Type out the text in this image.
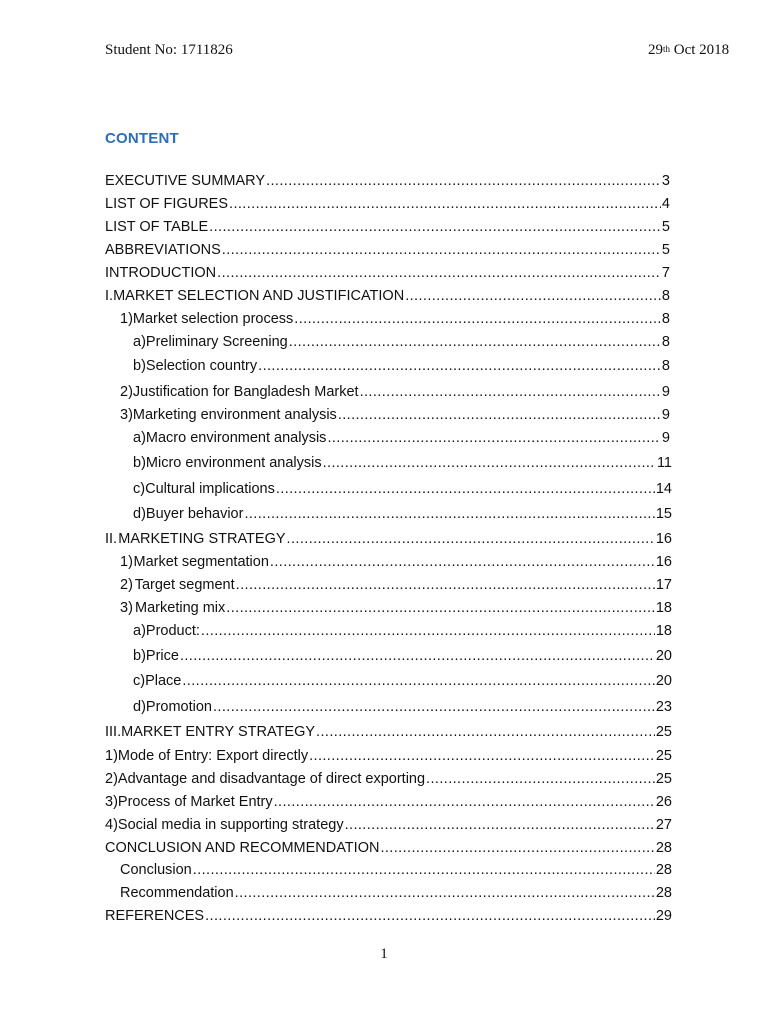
Student No: 1711826	29th Oct 2018
CONTENT
EXECUTIVE SUMMARY .....	3
LIST OF FIGURES .....	4
LIST OF TABLE .....	5
ABBREVIATIONS .....	5
INTRODUCTION .....	7
I. MARKET SELECTION AND JUSTIFICATION .....	8
1) Market selection process .....	8
a) Preliminary Screening .....	8
b) Selection country .....	8
2) Justification for Bangladesh Market .....	9
3) Marketing environment analysis .....	9
a) Macro environment analysis .....	9
b) Micro environment analysis .....	11
c) Cultural implications .....	14
d) Buyer behavior .....	15
II. MARKETING STRATEGY .....	16
1) Market segmentation .....	16
2) Target segment .....	17
3) Marketing mix .....	18
a) Product: .....	18
b) Price .....	20
c) Place .....	20
d) Promotion .....	23
III. MARKET ENTRY STRATEGY .....	25
1) Mode of Entry: Export directly .....	25
2) Advantage and disadvantage of direct exporting .....	25
3) Process of Market Entry .....	26
4) Social media in supporting strategy .....	27
CONCLUSION AND RECOMMENDATION .....	28
Conclusion .....	28
Recommendation .....	28
REFERENCES .....	29
1
